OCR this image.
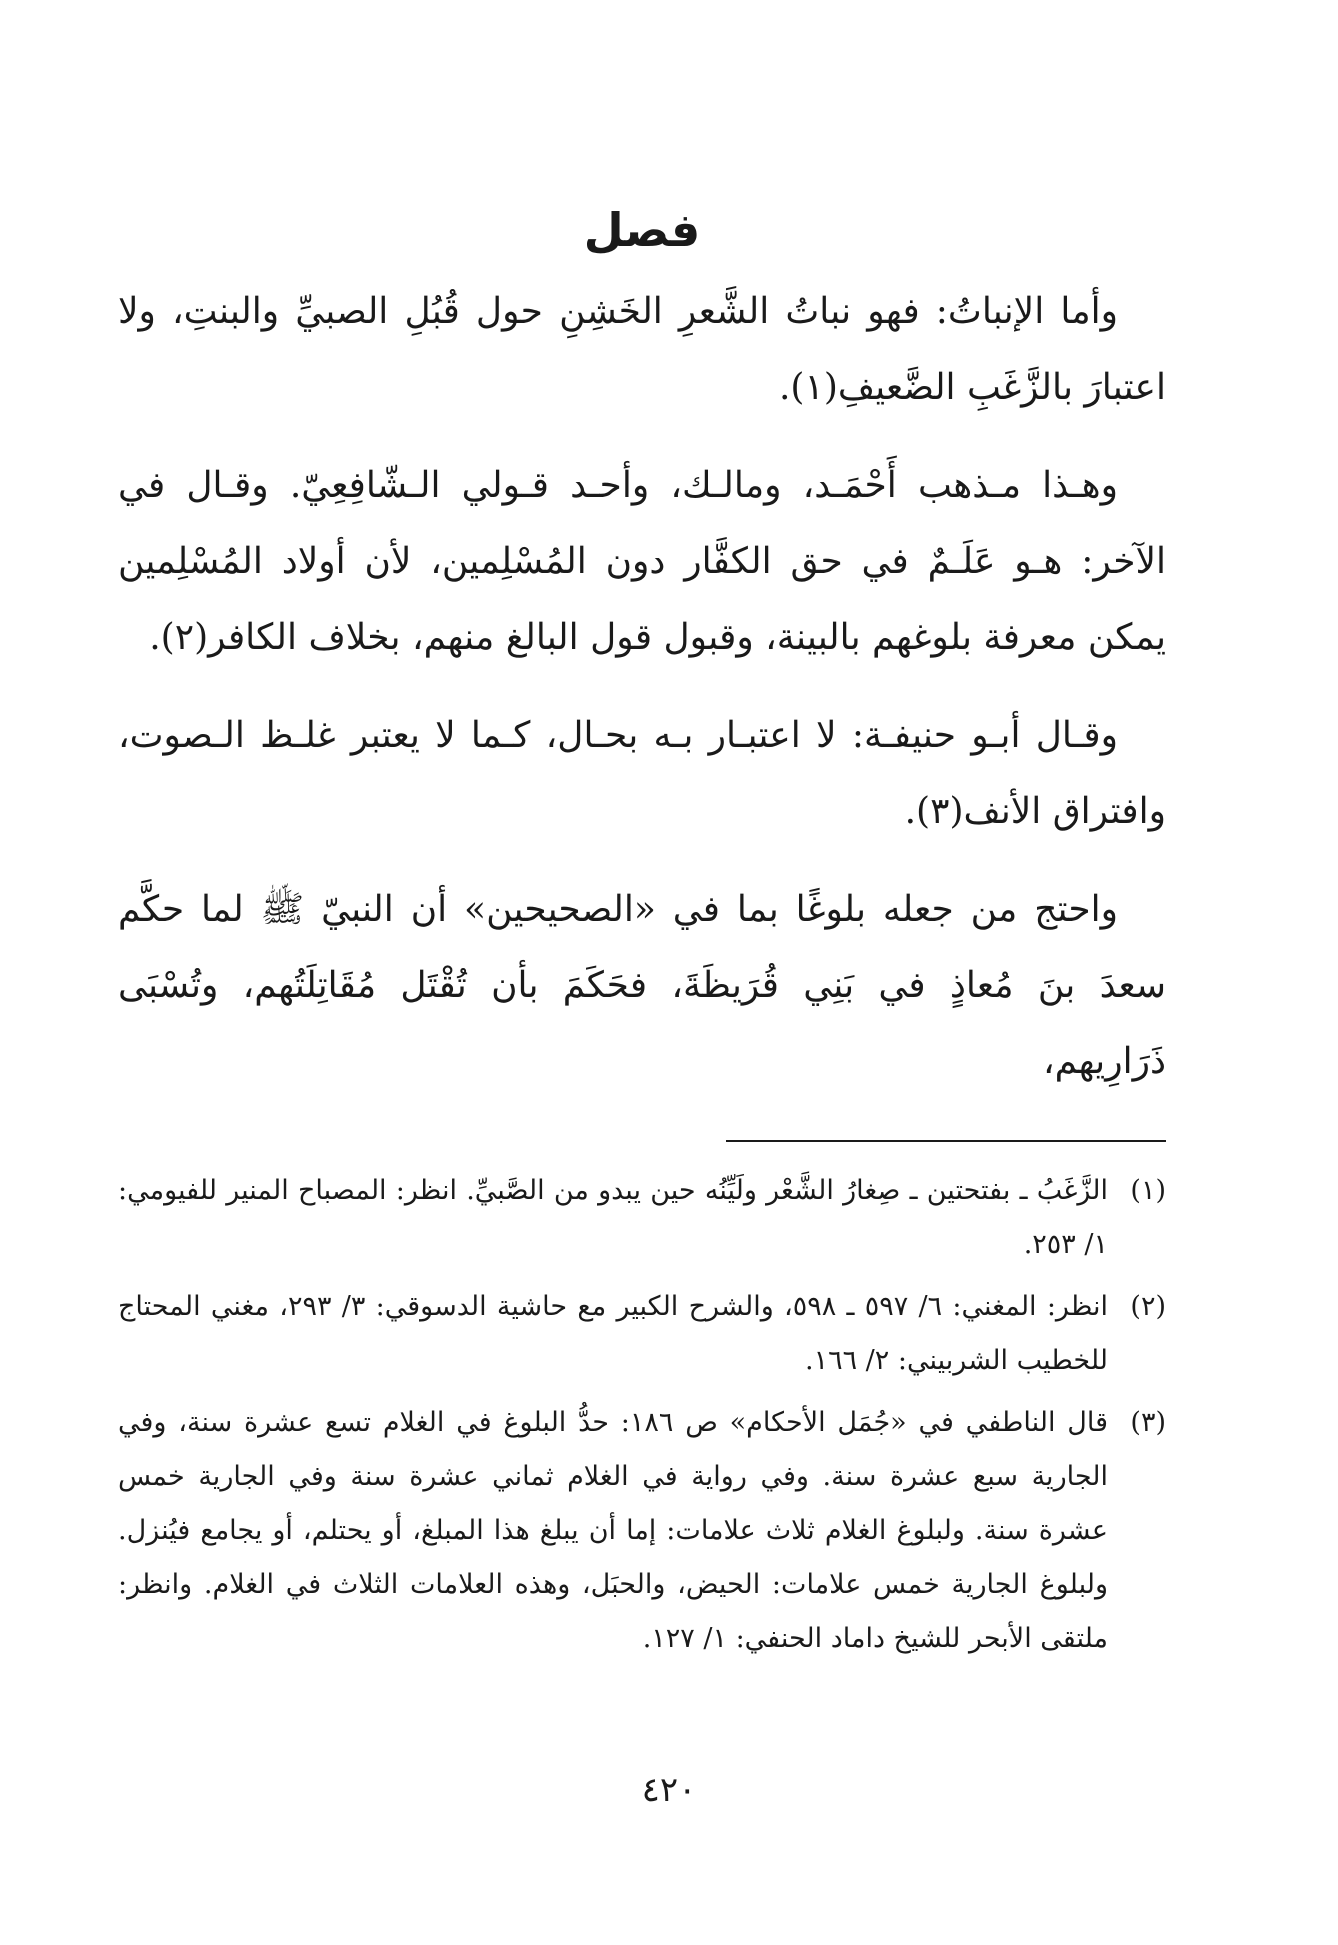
فصل

وأما الإنباتُ: فهو نباتُ الشَّعرِ الخَشِنِ حول قُبُلِ الصبيِّ والبنتِ، ولا اعتبارَ بالزَّغَبِ الضَّعيفِ(١).

وهـذا مـذهب أَحْمَـد، ومالـك، وأحـد قـولي الـشّافِعِيّ. وقـال في الآخر: هـو عَلَـمٌ في حق الكفَّار دون المُسْلِمين، لأن أولاد المُسْلِمين يمكن معرفة بلوغهم بالبينة، وقبول قول البالغ منهم، بخلاف الكافر(٢).

وقـال أبـو حنيفـة: لا اعتبـار بـه بحـال، كـما لا يعتبر غلـظ الـصوت، وافتراق الأنف(٣).

واحتج من جعله بلوغًا بما في «الصحيحين» أن النبيّ ﷺ لما حكَّم سعدَ بنَ مُعاذٍ في بَنِي قُرَيظَةَ، فحَكَمَ بأن تُقْتَل مُقَاتِلَتُهم، وتُسْبَى ذَرَارِيهم،

(١)
الزَّغَبُ ـ بفتحتين ـ صِغارُ الشَّعْر ولَيِّنُه حين يبدو من الصَّبيِّ. انظر: المصباح المنير للفيومي: ١/ ٢٥٣.
(٢)
انظر: المغني: ٦/ ٥٩٧ ـ ٥٩٨، والشرح الكبير مع حاشية الدسوقي: ٣/ ٢٩٣، مغني المحتاج للخطيب الشربيني: ٢/ ١٦٦.
(٣)
قال الناطفي في «جُمَل الأحكام» ص ١٨٦: حدُّ البلوغ في الغلام تسع عشرة سنة، وفي الجارية سبع عشرة سنة. وفي رواية في الغلام ثماني عشرة سنة وفي الجارية خمس عشرة سنة. ولبلوغ الغلام ثلاث علامات: إما أن يبلغ هذا المبلغ، أو يحتلم، أو يجامع فيُنزل. ولبلوغ الجارية خمس علامات: الحيض، والحبَل، وهذه العلامات الثلاث في الغلام. وانظر: ملتقى الأبحر للشيخ داماد الحنفي: ١/ ١٢٧.
٤٢٠
